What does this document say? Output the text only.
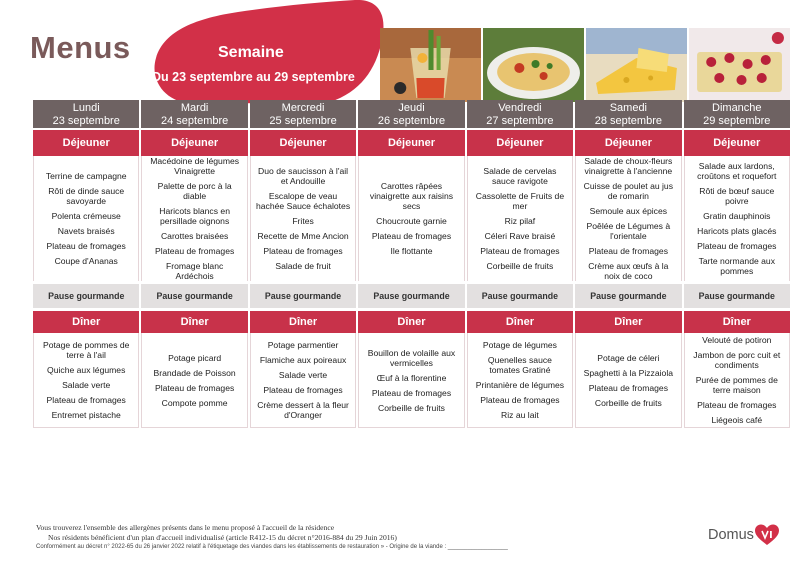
Menus	Semaine
Du 23 septembre au 29 septembre
Lundi
23 septembre
Déjeuner
Terrine de campagne
Rôti de dinde sauce savoyarde
Polenta crémeuse
Navets braisés
Plateau de fromages
Coupe d'Ananas
Pause gourmande
Dîner
Potage de pommes de terre à l'ail
Quiche aux légumes
Salade verte
Plateau de fromages
Entremet pistache
Mardi
24 septembre
Déjeuner
Macédoine de légumes Vinaigrette
Palette de porc à la diable
Haricots blancs en persillade oignons
Carottes braisées
Plateau de fromages
Fromage blanc Ardéchois
Pause gourmande
Dîner
Potage picard
Brandade de Poisson
Plateau de fromages
Compote pomme
Mercredi
25 septembre
Déjeuner
Duo de saucisson à l'ail et Andouille
Escalope de veau hachée Sauce échalotes
Frites
Recette de Mme Ancion
Plateau de fromages
Salade de fruit
Pause gourmande
Dîner
Potage parmentier
Flamiche aux poireaux
Salade verte
Plateau de fromages
Crème dessert à la fleur d'Oranger
Jeudi
26 septembre
Déjeuner
Carottes râpées vinaigrette aux raisins secs
Choucroute garnie
Plateau de fromages
Ile flottante
Pause gourmande
Dîner
Bouillon de volaille aux vermicelles
Œuf à la florentine
Plateau de fromages
Corbeille de fruits
Vendredi
27 septembre
Déjeuner
Salade de cervelas sauce ravigote
Cassolette de Fruits de mer
Riz pilaf
Céleri Rave braisé
Plateau de fromages
Corbeille de fruits
Pause gourmande
Dîner
Potage de légumes
Quenelles sauce tomates Gratiné
Printanière de légumes
Plateau de fromages
Riz au lait
Samedi
28 septembre
Déjeuner
Salade de choux-fleurs vinaigrette à l'ancienne
Cuisse de poulet au jus de romarin
Semoule aux épices
Poêlée de Légumes à l'orientale
Plateau de fromages
Crème aux œufs à la noix de coco
Pause gourmande
Dîner
Potage de céleri
Spaghetti à la Pizzaiola
Plateau de fromages
Corbeille de fruits
Dimanche
29 septembre
Déjeuner
Salade aux lardons, croûtons et roquefort
Rôti de bœuf sauce poivre
Gratin dauphinois
Haricots plats glacés
Plateau de fromages
Tarte normande aux pommes
Pause gourmande
Dîner
Velouté de potiron
Jambon de porc cuit et condiments
Purée de pommes de terre maison
Plateau de fromages
Liégeois café
Vous trouverez l'ensemble des allergènes présents dans le menu proposé à l'accueil de la résidence
Nos résidents bénéficient d'un plan d'accueil individualisé (article R412-15 du décret n°2016-884 du 29 Juin 2016)
Conformément au décret n° 2022-65 du 26 janvier 2022 relatif à l'étiquetage des viandes dans les établissements de restauration » - Origine de la viande : __________________
Domus
